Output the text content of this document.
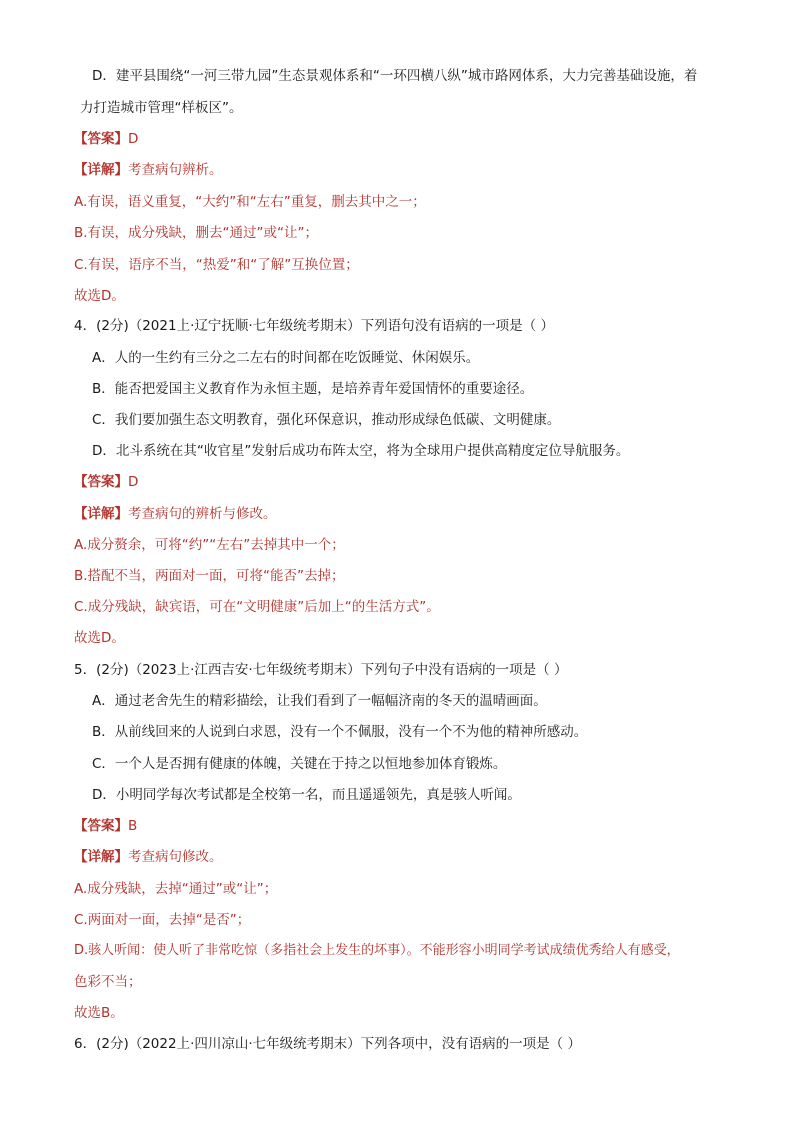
D．建平县围绕“一河三带九园”生态景观体系和“一环四横八纵”城市路网体系，大力完善基础设施，着
力打造城市管理“样板区”。
【答案】D
【详解】考查病句辨析。
A.有误，语义重复，“大约”和“左右”重复，删去其中之一；
B.有误，成分残缺，删去“通过”或“让”；
C.有误，语序不当，“热爱”和“了解”互换位置；
故选D。
4．(2分)（2021上·辽宁抚顺·七年级统考期末）下列语句没有语病的一项是（ ）
A．人的一生约有三分之二左右的时间都在吃饭睡觉、休闲娱乐。
B．能否把爱国主义教育作为永恒主题，是培养青年爱国情怀的重要途径。
C．我们要加强生态文明教育，强化环保意识，推动形成绿色低碳、文明健康。
D．北斗系统在其“收官星”发射后成功布阵太空，将为全球用户提供高精度定位导航服务。
【答案】D
【详解】考查病句的辨析与修改。
A.成分赘余，可将“约”“左右”去掉其中一个；
B.搭配不当，两面对一面，可将“能否”去掉；
C.成分残缺，缺宾语，可在“文明健康”后加上“的生活方式”。
故选D。
5．(2分)（2023上·江西吉安·七年级统考期末）下列句子中没有语病的一项是（ ）
A．通过老舍先生的精彩描绘，让我们看到了一幅幅济南的冬天的温晴画面。
B．从前线回来的人说到白求恩，没有一个不佩服，没有一个不为他的精神所感动。
C．一个人是否拥有健康的体魄，关键在于持之以恒地参加体育锻炼。
D．小明同学每次考试都是全校第一名，而且遥遥领先，真是骇人听闻。
【答案】B
【详解】考查病句修改。
A.成分残缺，去掉“通过”或“让”；
C.两面对一面，去掉“是否”；
D.骇人听闻：使人听了非常吃惊（多指社会上发生的坏事）。不能形容小明同学考试成绩优秀给人有感受，
色彩不当；
故选B。
6．(2分)（2022上·四川凉山·七年级统考期末）下列各项中，没有语病的一项是（ ）
